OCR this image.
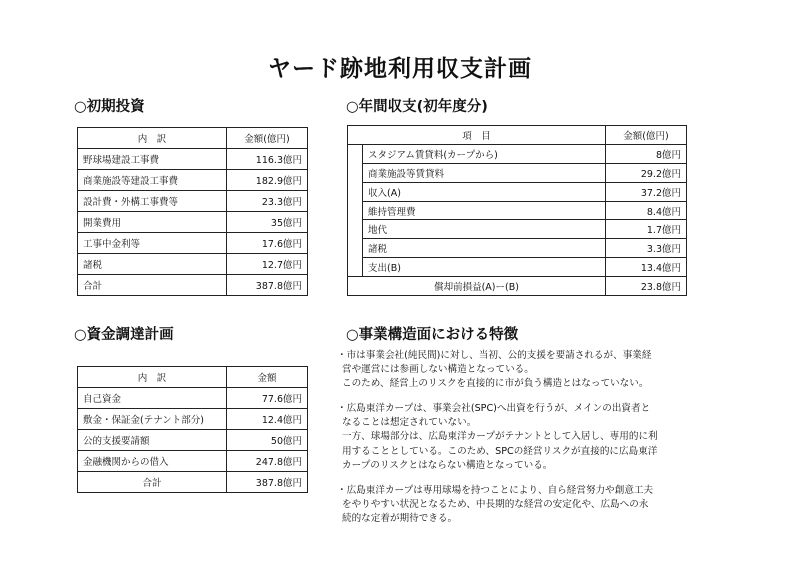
ヤード跡地利用収支計画
○初期投資
内　訳	金額(億円)
野球場建設工事費	116.3億円
商業施設等建設工事費	182.9億円
設計費・外構工事費等	23.3億円
開業費用	35億円
工事中金利等	17.6億円
諸税	12.7億円
合計	387.8億円
○年間収支(初年度分)
項　目		金額(億円)
	スタジアム賃貸料(カープから)	8億円
	商業施設等賃貸料	29.2億円
	収入(A)	37.2億円
	維持管理費	8.4億円
	地代	1.7億円
	諸税	3.3億円
	支出(B)	13.4億円
償却前損益(A)ー(B)		23.8億円
○資金調達計画
内　訳	金額
自己資金	77.6億円
敷金・保証金(テナント部分)	12.4億円
公的支援要請額	50億円
金融機関からの借入	247.8億円
合計	387.8億円
○事業構造面における特徴
・市は事業会社(純民間)に対し、当初、公的支援を要請されるが、事業経
営や運営には参画しない構造となっている。
このため、経営上のリスクを直接的に市が負う構造とはなっていない。
・広島東洋カープは、事業会社(SPC)へ出資を行うが、メインの出資者と
なることは想定されていない。
一方、球場部分は、広島東洋カープがテナントとして入居し、専用的に利
用することとしている。このため、SPCの経営リスクが直接的に広島東洋
カープのリスクとはならない構造となっている。
・広島東洋カープは専用球場を持つことにより、自ら経営努力や創意工夫
をやりやすい状況となるため、中長期的な経営の安定化や、広島への永
続的な定着が期待できる。
